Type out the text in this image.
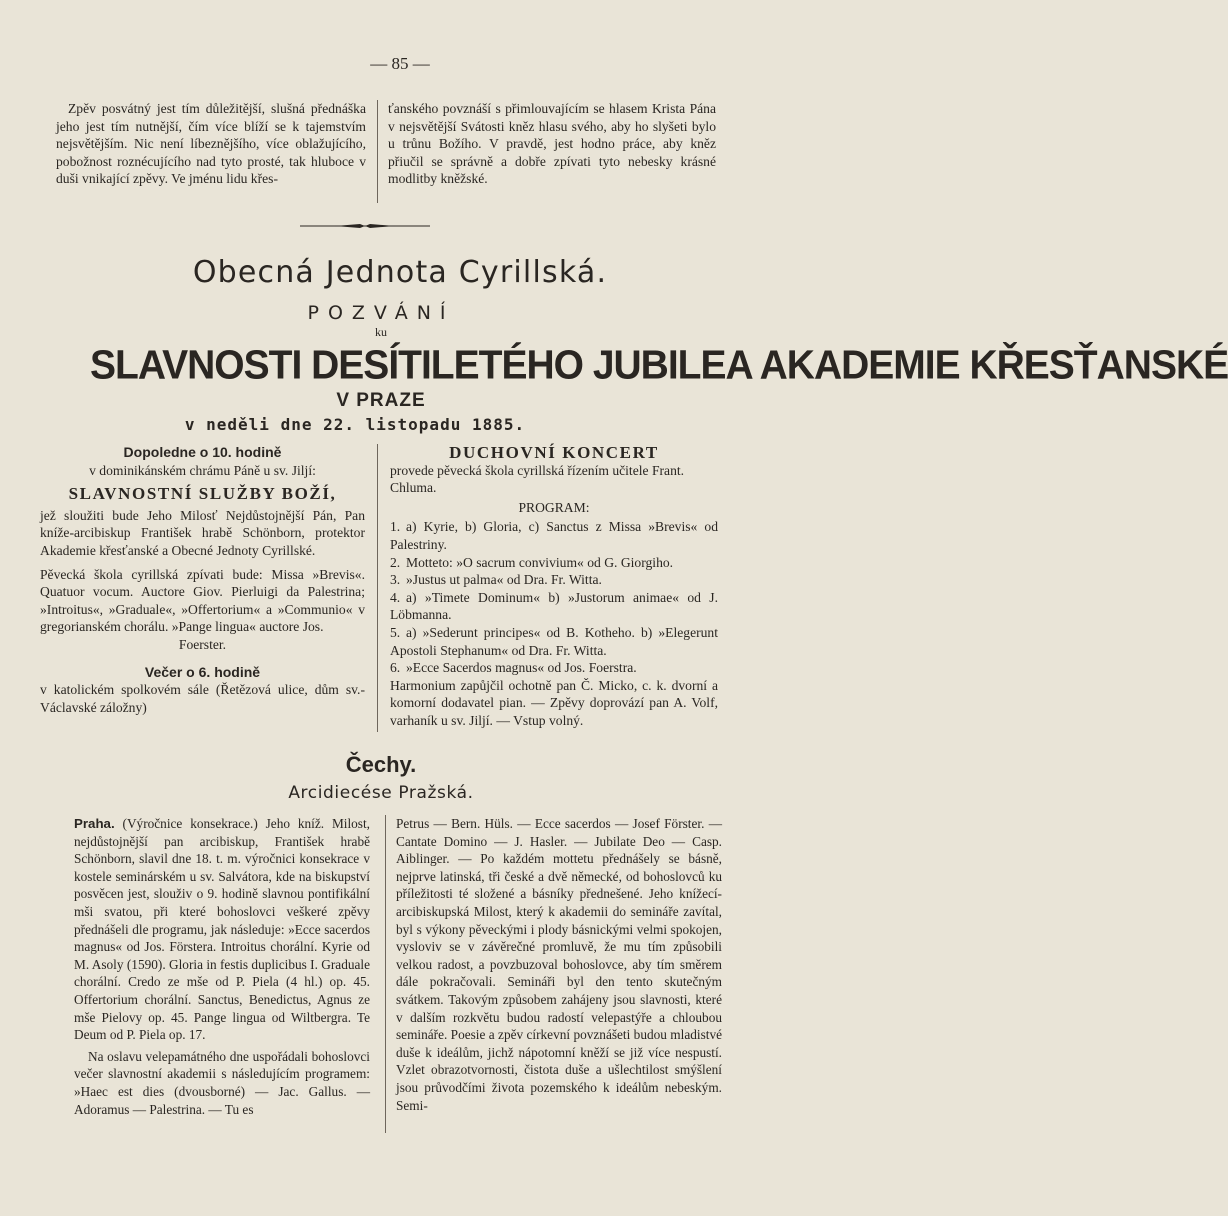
— 85 —

Zpěv posvátný jest tím důležitější, slušná přednáška jeho jest tím nutnější, čím více blíží se k tajemstvím nejsvětějším. Nic není líbeznějšího, více oblažujícího, pobožnost roznécujícího nad tyto prosté, tak hluboce v duši vnikající zpěvy. Ve jménu lidu křes-

ťanského povznáší s přimlouvajícím se hlasem Krista Pána v nejsvětější Svátosti kněz hlasu svého, aby ho slyšeti bylo u trůnu Božího. V pravdě, jest hodno práce, aby kněz přiučil se správně a dobře zpívati tyto nebesky krásné modlitby kněžské.

Obecná Jednota Cyrillská.
POZVÁNÍ
ku
SLAVNOSTI DESÍTILETÉHO JUBILEA AKADEMIE KŘESŤANSKÉ
V PRAZE
v neděli dne 22. listopadu 1885.

Dopoledne o 10. hodině

v dominikánském chrámu Páně u sv. Jiljí:

SLAVNOSTNÍ SLUŽBY BOŽÍ,

jež sloužiti bude Jeho Milosť Nejdůstojnější Pán, Pan kníže-arcibiskup František hrabě Schönborn, protektor Akademie křesťanské a Obecné Jednoty Cyrillské.

Pěvecká škola cyrillská zpívati bude: Missa »Brevis«. Quatuor vocum. Auctore Giov. Pierluigi da Palestrina; »Introitus«, »Graduale«, »Offertorium« a »Communio« v gregorianském chorálu. »Pange lingua« auctore Jos.

Foerster.

Večer o 6. hodině

v katolickém spolkovém sále (Řetězová ulice, dům sv.-Václavské záložny)

DUCHOVNÍ KONCERT

provede pěvecká škola cyrillská řízením učitele Frant. Chluma.

PROGRAM:

1. a) Kyrie, b) Gloria, c) Sanctus z Missa »Brevis« od Palestriny.

2. Motteto: »O sacrum convivium« od G. Giorgiho.

3. »Justus ut palma« od Dra. Fr. Witta.

4. a) »Timete Dominum« b) »Justorum animae« od J. Löbmanna.

5. a) »Sederunt principes« od B. Kotheho. b) »Elegerunt Apostoli Stephanum« od Dra. Fr. Witta.

6. »Ecce Sacerdos magnus« od Jos. Foerstra.

Harmonium zapůjčil ochotně pan Č. Micko, c. k. dvorní a komorní dodavatel pian. — Zpěvy doprovází pan A. Volf, varhaník u sv. Jiljí. — Vstup volný.

Čechy.
Arcidiecése Pražská.

Praha. (Výročnice konsekrace.) Jeho kníž. Milost, nejdůstojnější pan arcibiskup, František hrabě Schönborn, slavil dne 18. t. m. výročnici konsekrace v kostele seminárském u sv. Salvátora, kde na biskupství posvěcen jest, slouživ o 9. hodině slavnou pontifikální mši svatou, při které bohoslovci veškeré zpěvy přednášeli dle programu, jak následuje: »Ecce sacerdos magnus« od Jos. Förstera. Introitus chorální. Kyrie od M. Asoly (1590). Gloria in festis duplicibus I. Graduale chorální. Credo ze mše od P. Piela (4 hl.) op. 45. Offertorium chorální. Sanctus, Benedictus, Agnus ze mše Pielovy op. 45. Pange lingua od Wiltbergra. Te Deum od P. Piela op. 17.

Na oslavu velepamátného dne uspořádali bohoslovci večer slavnostní akademii s následujícím programem: »Haec est dies (dvousborné) — Jac. Gallus. — Adoramus — Palestrina. — Tu es

Petrus — Bern. Hüls. — Ecce sacerdos — Josef Förster. — Cantate Domino — J. Hasler. — Jubilate Deo — Casp. Aiblinger. — Po každém mottetu přednášely se básně, nejprve latinská, tři české a dvě německé, od bohoslovců ku příležitosti té složené a básníky přednešené. Jeho knížecí-arcibiskupská Milost, který k akademii do semináře zavítal, byl s výkony pěveckými i plody básnickými velmi spokojen, vysloviv se v závěrečné promluvě, že mu tím způsobili velkou radost, a povzbuzoval bohoslovce, aby tím směrem dále pokračovali. Semináři byl den tento skutečným svátkem. Takovým způsobem zahájeny jsou slavnosti, které v dalším rozkvětu budou radostí velepastýře a chloubou semináře. Poesie a zpěv církevní povznášeti budou mladistvé duše k ideálům, jichž nápotomní kněží se již více nespustí. Vzlet obrazotvornosti, čistota duše a ušlechtilost smýšlení jsou průvodčími života pozemského k ideálům nebeským. Semi-
